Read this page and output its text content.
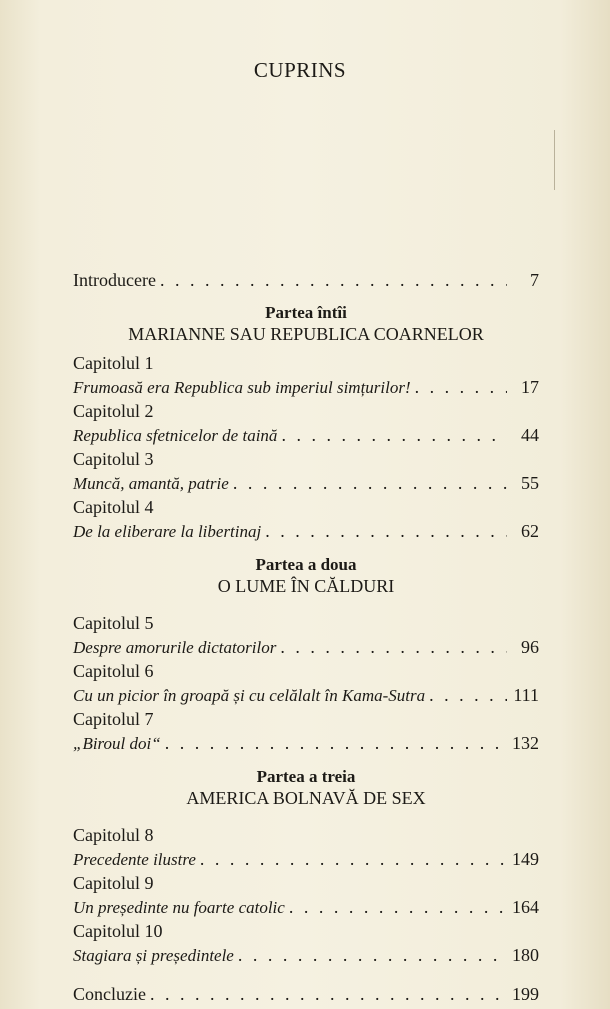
CUPRINS
Introducere . . .	7
Partea întîi
MARIANNE SAU REPUBLICA COARNELOR
Capitolul 1
Frumoasă era Republica sub imperiul simțurilor! . . .	17
Capitolul 2
Republica sfetnicelor de taină . . .	44
Capitolul 3
Muncă, amantă, patrie . . .	55
Capitolul 4
De la eliberare la libertinaj . . .	62
Partea a doua
O LUME ÎN CĂLDURI
Capitolul 5
Despre amorurile dictatorilor . . .	96
Capitolul 6
Cu un picior în groapă și cu celălalt în Kama-Sutra . . .	111
Capitolul 7
„Biroul doi“ . . .	132
Partea a treia
AMERICA BOLNAVĂ DE SEX
Capitolul 8
Precedente ilustre . . .	149
Capitolul 9
Un președinte nu foarte catolic . . .	164
Capitolul 10
Stagiara și președintele . . .	180
Concluzie . . .	199
